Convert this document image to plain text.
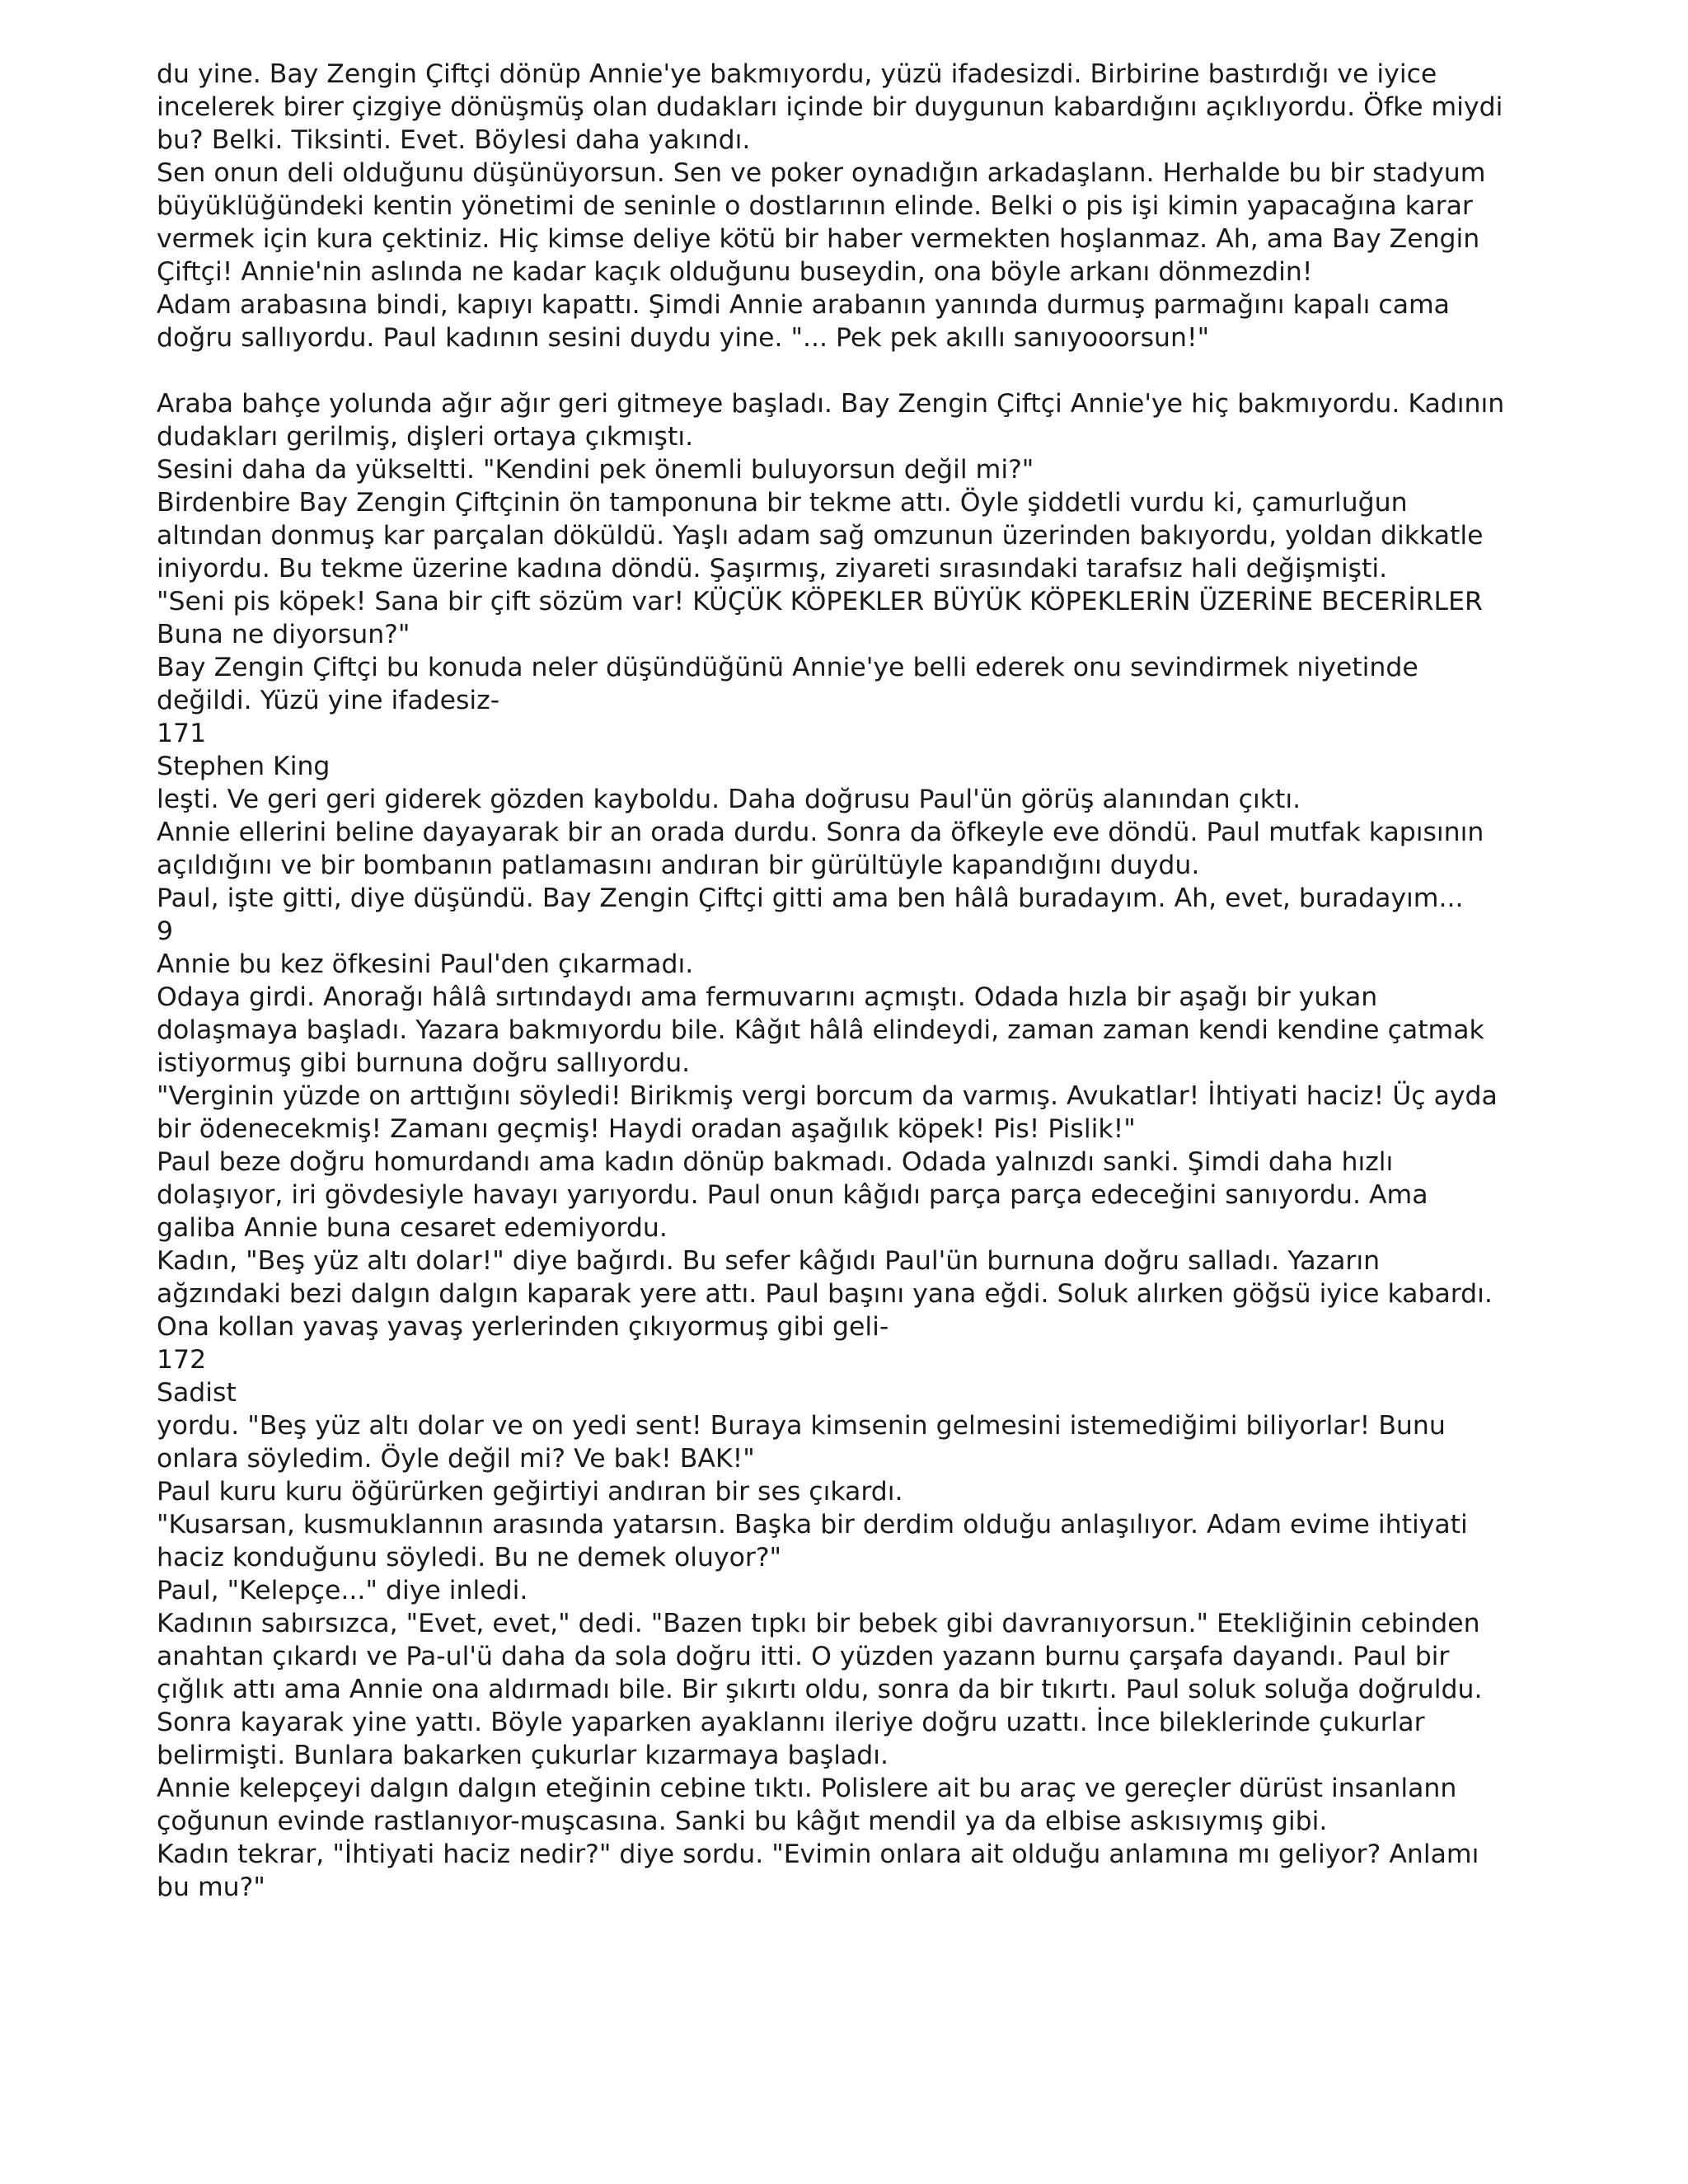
du yine. Bay Zengin Çiftçi dönüp Annie'ye bakmıyordu, yüzü ifadesizdi. Birbirine bastırdığı ve iyice incelerek birer çizgiye dönüşmüş olan dudakları içinde bir duygunun kabardığını açıklıyordu. Öfke miydi bu? Belki. Tiksinti. Evet. Böylesi daha yakındı.

Sen onun deli olduğunu düşünüyorsun. Sen ve poker oynadığın arkadaşlann. Herhalde bu bir stadyum büyüklüğündeki kentin yönetimi de seninle o dostlarının elinde. Belki o pis işi kimin yapacağına karar vermek için kura çektiniz. Hiç kimse deliye kötü bir haber vermekten hoşlanmaz. Ah, ama Bay Zengin Çiftçi! Annie'nin aslında ne kadar kaçık olduğunu buseydin, ona böyle arkanı dönmezdin!

Adam arabasına bindi, kapıyı kapattı. Şimdi Annie arabanın yanında durmuş parmağını kapalı cama doğru sallıyordu. Paul kadının sesini duydu yine. "... Pek pek akıllı sanıyooorsun!"

Araba bahçe yolunda ağır ağır geri gitmeye başladı. Bay Zengin Çiftçi Annie'ye hiç bakmıyordu. Kadının dudakları gerilmiş, dişleri ortaya çıkmıştı.

Sesini daha da yükseltti. "Kendini pek önemli buluyorsun değil mi?"

Birdenbire Bay Zengin Çiftçinin ön tamponuna bir tekme attı. Öyle şiddetli vurdu ki, çamurluğun altından donmuş kar parçalan döküldü. Yaşlı adam sağ omzunun üzerinden bakıyordu, yoldan dikkatle iniyordu. Bu tekme üzerine kadına döndü. Şaşırmış, ziyareti sırasındaki tarafsız hali değişmişti.

"Seni pis köpek! Sana bir çift sözüm var! KÜÇÜK KÖPEKLER BÜYÜK KÖPEKLERİN ÜZERİNE BECERİRLER Buna ne diyorsun?"

Bay Zengin Çiftçi bu konuda neler düşündüğünü Annie'ye belli ederek onu sevindirmek niyetinde değildi. Yüzü yine ifadesiz-

171

Stephen King

leşti. Ve geri geri giderek gözden kayboldu. Daha doğrusu Paul'ün görüş alanından çıktı.

Annie ellerini beline dayayarak bir an orada durdu. Sonra da öfkeyle eve döndü. Paul mutfak kapısının açıldığını ve bir bombanın patlamasını andıran bir gürültüyle kapandığını duydu.

Paul, işte gitti, diye düşündü. Bay Zengin Çiftçi gitti ama ben hâlâ buradayım. Ah, evet, buradayım...

9

Annie bu kez öfkesini Paul'den çıkarmadı.

Odaya girdi. Anorağı hâlâ sırtındaydı ama fermuvarını açmıştı. Odada hızla bir aşağı bir yukan dolaşmaya başladı. Yazara bakmıyordu bile. Kâğıt hâlâ elindeydi, zaman zaman kendi kendine çatmak istiyormuş gibi burnuna doğru sallıyordu.

"Verginin yüzde on arttığını söyledi! Birikmiş vergi borcum da varmış. Avukatlar! İhtiyati haciz! Üç ayda bir ödenecekmiş! Zamanı geçmiş! Haydi oradan aşağılık köpek! Pis! Pislik!"

Paul beze doğru homurdandı ama kadın dönüp bakmadı. Odada yalnızdı sanki. Şimdi daha hızlı dolaşıyor, iri gövdesiyle havayı yarıyordu. Paul onun kâğıdı parça parça edeceğini sanıyordu. Ama galiba Annie buna cesaret edemiyordu.

Kadın, "Beş yüz altı dolar!" diye bağırdı. Bu sefer kâğıdı Paul'ün burnuna doğru salladı. Yazarın ağzındaki bezi dalgın dalgın kaparak yere attı. Paul başını yana eğdi. Soluk alırken göğsü iyice kabardı. Ona kollan yavaş yavaş yerlerinden çıkıyormuş gibi geli-

172

Sadist

yordu. "Beş yüz altı dolar ve on yedi sent! Buraya kimsenin gelmesini istemediğimi biliyorlar! Bunu onlara söyledim. Öyle değil mi? Ve bak! BAK!"

Paul kuru kuru öğürürken geğirtiyi andıran bir ses çıkardı.

"Kusarsan, kusmuklannın arasında yatarsın. Başka bir derdim olduğu anlaşılıyor. Adam evime ihtiyati haciz konduğunu söyledi. Bu ne demek oluyor?"

Paul, "Kelepçe..." diye inledi.

Kadının sabırsızca, "Evet, evet," dedi. "Bazen tıpkı bir bebek gibi davranıyorsun." Etekliğinin cebinden anahtan çıkardı ve Pa-ul'ü daha da sola doğru itti. O yüzden yazann burnu çarşafa dayandı. Paul bir çığlık attı ama Annie ona aldırmadı bile. Bir şıkırtı oldu, sonra da bir tıkırtı. Paul soluk soluğa doğruldu. Sonra kayarak yine yattı. Böyle yaparken ayaklannı ileriye doğru uzattı. İnce bileklerinde çukurlar belirmişti. Bunlara bakarken çukurlar kızarmaya başladı.

Annie kelepçeyi dalgın dalgın eteğinin cebine tıktı. Polislere ait bu araç ve gereçler dürüst insanlann çoğunun evinde rastlanıyor-muşcasına. Sanki bu kâğıt mendil ya da elbise askısıymış gibi.

Kadın tekrar, "İhtiyati haciz nedir?" diye sordu. "Evimin onlara ait olduğu anlamına mı geliyor? Anlamı bu mu?"
